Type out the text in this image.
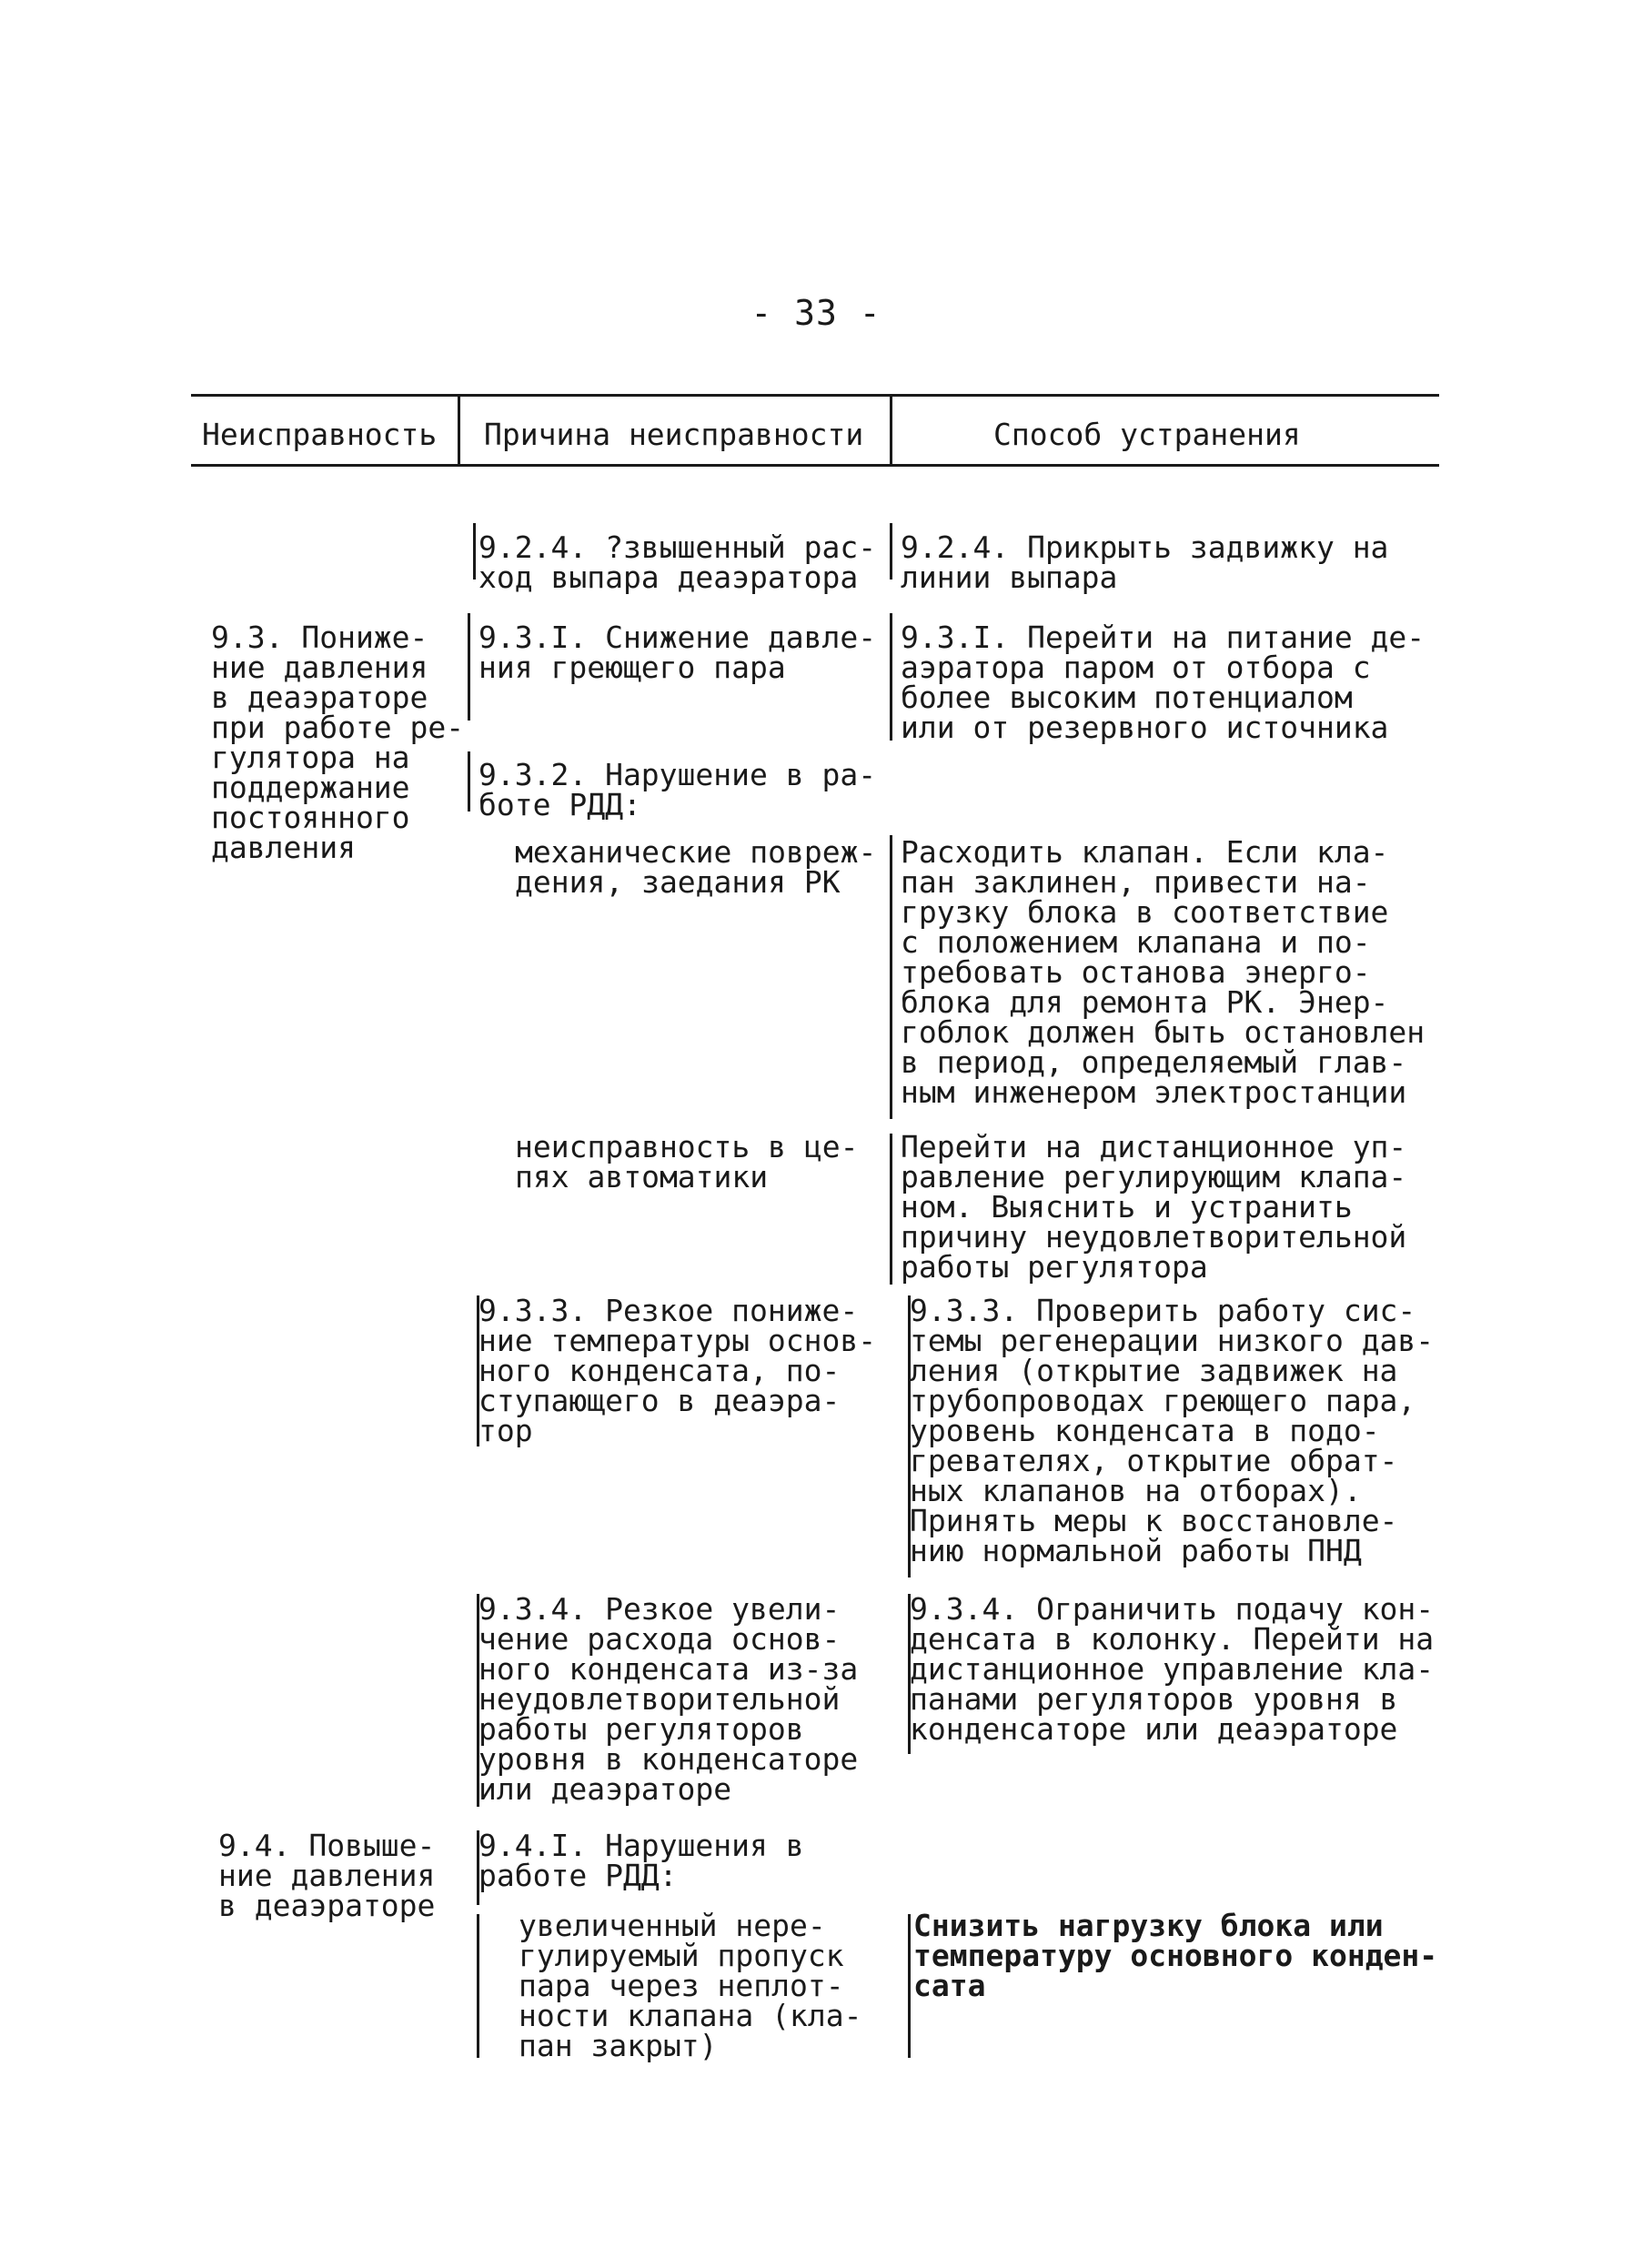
- 33 -
Неисправность Причина неисправности	Способ устранения
9.2.4. ?звышенный рас-
ход выпара деаэратора
9.2.4. Прикрыть задвижку на
линии выпара
9.3. Пониже-
ние давления
в деаэраторе
при работе ре-
гулятора на
поддержание
постоянного
давления
9.3.I. Снижение давле-
ния греющего пара
9.3.I. Перейти на питание де-
аэратора паром от отбора с
более высоким потенциалом
или от резервного источника
9.3.2. Нарушение в ра-
боте РДД:
механические повреж-
дения, заедания РК
Расходить клапан. Если кла-
пан заклинен, привести на-
грузку блока в соответствие
с положением клапана и по-
требовать останова энерго-
блока для ремонта РК. Энер-
гоблок должен быть остановлен
в период, определяемый глав-
ным инженером электростанции
неисправность в це-
пях автоматики
Перейти на дистанционное уп-
равление регулирующим клапа-
ном. Выяснить и устранить
причину неудовлетворительной
работы регулятора
9.3.3. Резкое пониже-
ние температуры основ-
ного конденсата, по-
ступающего в деаэра-
тор
9.3.3. Проверить работу сис-
темы регенерации низкого дав-
ления (открытие задвижек на
трубопроводах греющего пара,
уровень конденсата в подо-
гревателях, открытие обрат-
ных клапанов на отборах).
Принять меры к восстановле-
нию нормальной работы ПНД
9.3.4. Резкое увели-
чение расхода основ-
ного конденсата из-за
неудовлетворительной
работы регуляторов
уровня в конденсаторе
или деаэраторе
9.3.4. Ограничить подачу кон-
денсата в колонку. Перейти на
дистанционное управление кла-
панами регуляторов уровня в
конденсаторе или деаэраторе
9.4. Повыше-
ние давления
в деаэраторе
9.4.I. Нарушения в
работе РДД:
увеличенный нере-
гулируемый пропуск
пара через неплот-
ности клапана (кла-
пан закрыт)
Снизить нагрузку блока или
температуру основного конден-
сата
